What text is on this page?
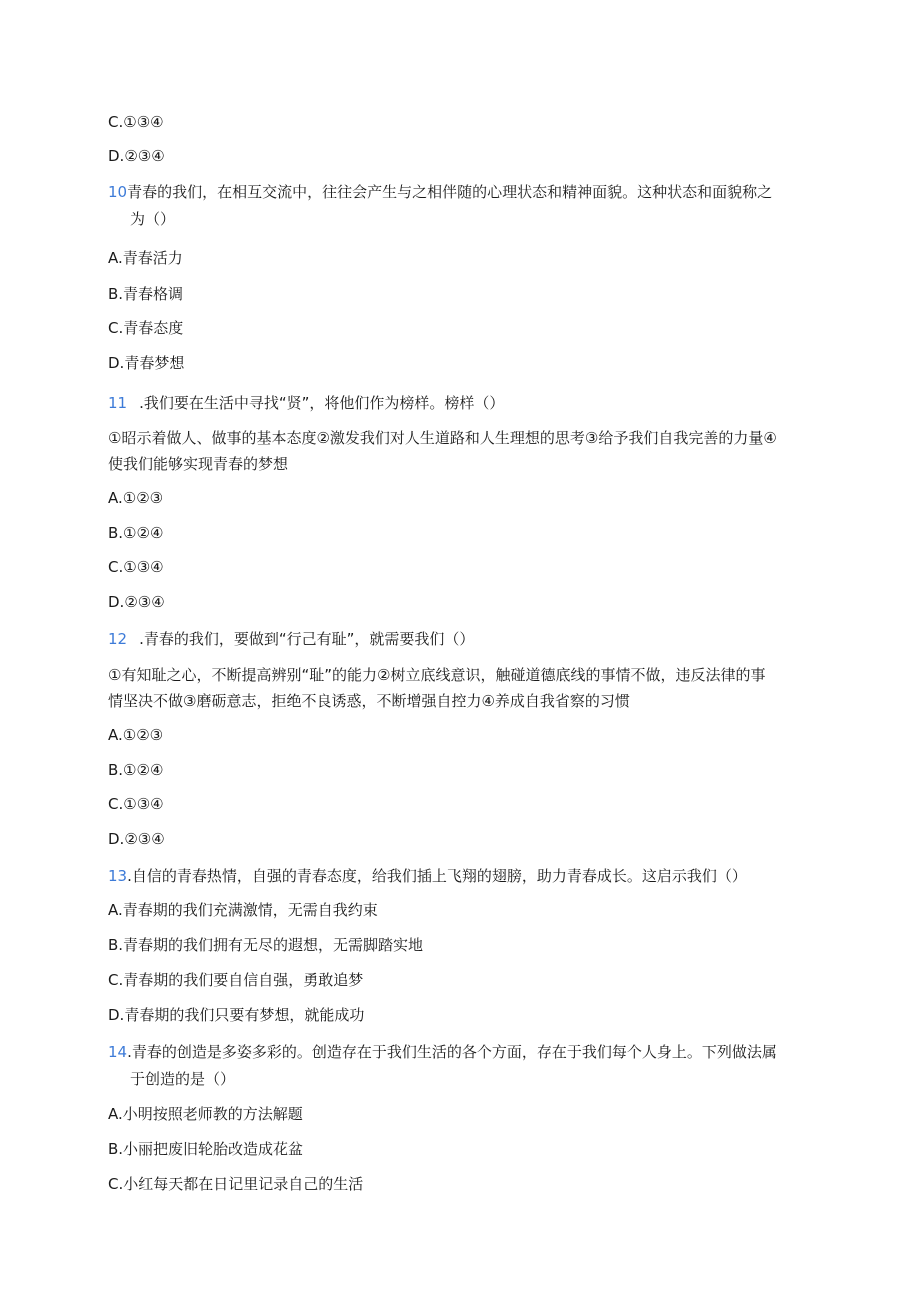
C.①③④
D.②③④
10青春的我们，在相互交流中，往往会产生与之相伴随的心理状态和精神面貌。这种状态和面貌称之
为（）
A.青春活力
B.青春格调
C.青春态度
D.青春梦想
11 .我们要在生活中寻找“贤”，将他们作为榜样。榜样（）
①昭示着做人、做事的基本态度②激发我们对人生道路和人生理想的思考③给予我们自我完善的力量④
使我们能够实现青春的梦想
A.①②③
B.①②④
C.①③④
D.②③④
12 .青春的我们，要做到“行己有耻”，就需要我们（）
①有知耻之心，不断提高辨别“耻”的能力②树立底线意识，触碰道德底线的事情不做，违反法律的事
情坚决不做③磨砺意志，拒绝不良诱惑，不断增强自控力④养成自我省察的习惯
A.①②③
B.①②④
C.①③④
D.②③④
13.自信的青春热情，自强的青春态度，给我们插上飞翔的翅膀，助力青春成长。这启示我们（）
A.青春期的我们充满激情，无需自我约束
B.青春期的我们拥有无尽的遐想，无需脚踏实地
C.青春期的我们要自信自强，勇敢追梦
D.青春期的我们只要有梦想，就能成功
14.青春的创造是多姿多彩的。创造存在于我们生活的各个方面，存在于我们每个人身上。下列做法属
于创造的是（）
A.小明按照老师教的方法解题
B.小丽把废旧轮胎改造成花盆
C.小红每天都在日记里记录自己的生活
